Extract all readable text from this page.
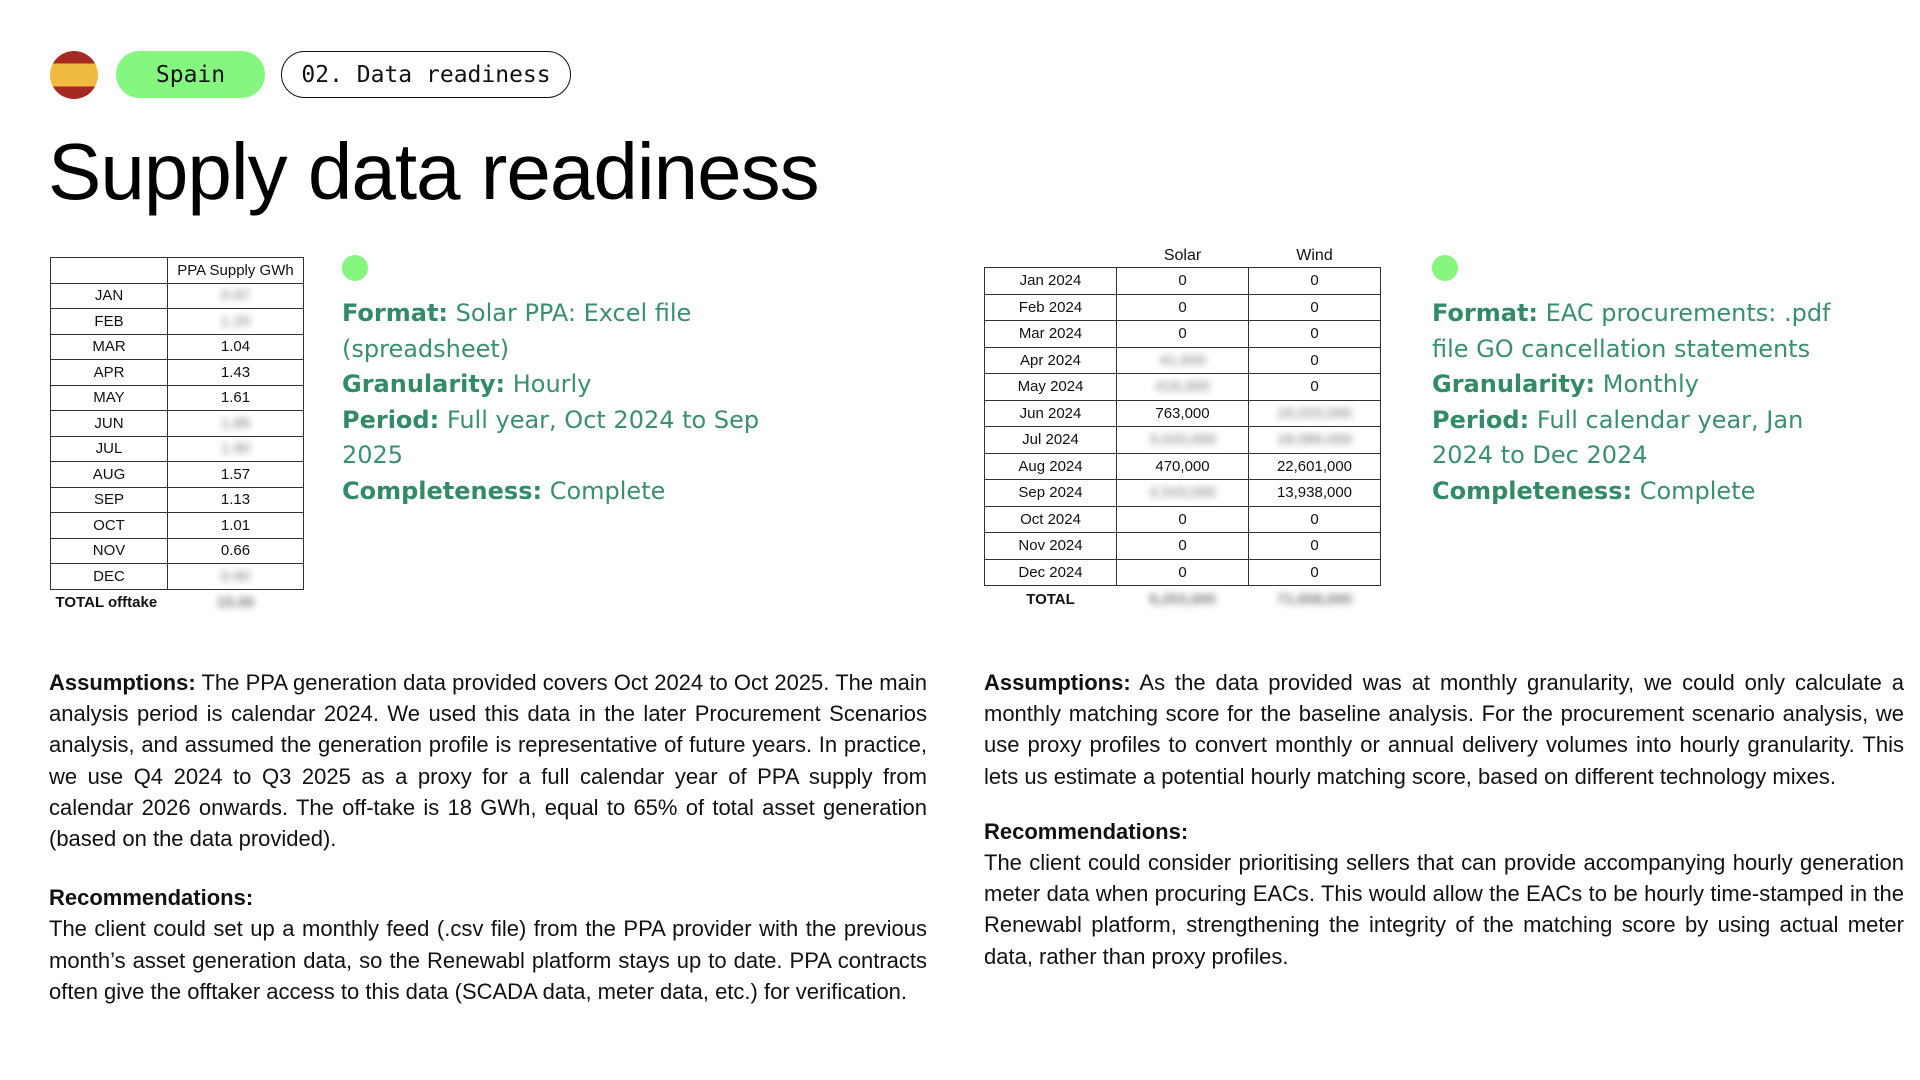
Spain	02. Data readiness
Supply data readiness
	PPA Supply GWh
JAN	0.97
FEB	1.20
MAR	1.04
APR	1.43
MAY	1.61
JUN	1.89
JUL	1.90
AUG	1.57
SEP	1.13
OCT	1.01
NOV	0.66
DEC	0.90
TOTAL offtake	15.00

Format: Solar PPA: Excel file (spreadsheet)

Granularity: Hourly

Period: Full year, Oct 2024 to Sep 2025

Completeness: Complete

	Solar	Wind
Jan 2024	0	0
Feb 2024	0	0
Mar 2024	0	0
Apr 2024	41,000	0
May 2024	416,000	0
Jun 2024	763,000	16,033,000
Jul 2024	3,020,000	18,086,000
Aug 2024	470,000	22,601,000
Sep 2024	4,543,000	13,938,000
Oct 2024	0	0
Nov 2024	0	0
Dec 2024	0	0
TOTAL	9,253,000	71,658,000

Format: EAC procurements: .pdf file GO cancellation statements

Granularity: Monthly

Period: Full calendar year, Jan 2024 to Dec 2024

Completeness: Complete

Assumptions: The PPA generation data provided covers Oct 2024 to Oct 2025. The main analysis period is calendar 2024. We used this data in the later Procurement Scenarios analysis, and assumed the generation profile is representative of future years. In practice, we use Q4 2024 to Q3 2025 as a proxy for a full calendar year of PPA supply from calendar 2026 onwards. The off-take is 18 GWh, equal to 65% of total asset generation (based on the data provided).

Recommendations:

The client could set up a monthly feed (.csv file) from the PPA provider with the previous month’s asset generation data, so the Renewabl platform stays up to date. PPA contracts often give the offtaker access to this data (SCADA data, meter data, etc.) for verification.

Assumptions: As the data provided was at monthly granularity, we could only calculate a monthly matching score for the baseline analysis. For the procurement scenario analysis, we use proxy profiles to convert monthly or annual delivery volumes into hourly granularity. This lets us estimate a potential hourly matching score, based on different technology mixes.

Recommendations:

The client could consider prioritising sellers that can provide accompanying hourly generation meter data when procuring EACs. This would allow the EACs to be hourly time-stamped in the Renewabl platform, strengthening the integrity of the matching score by using actual meter data, rather than proxy profiles.
